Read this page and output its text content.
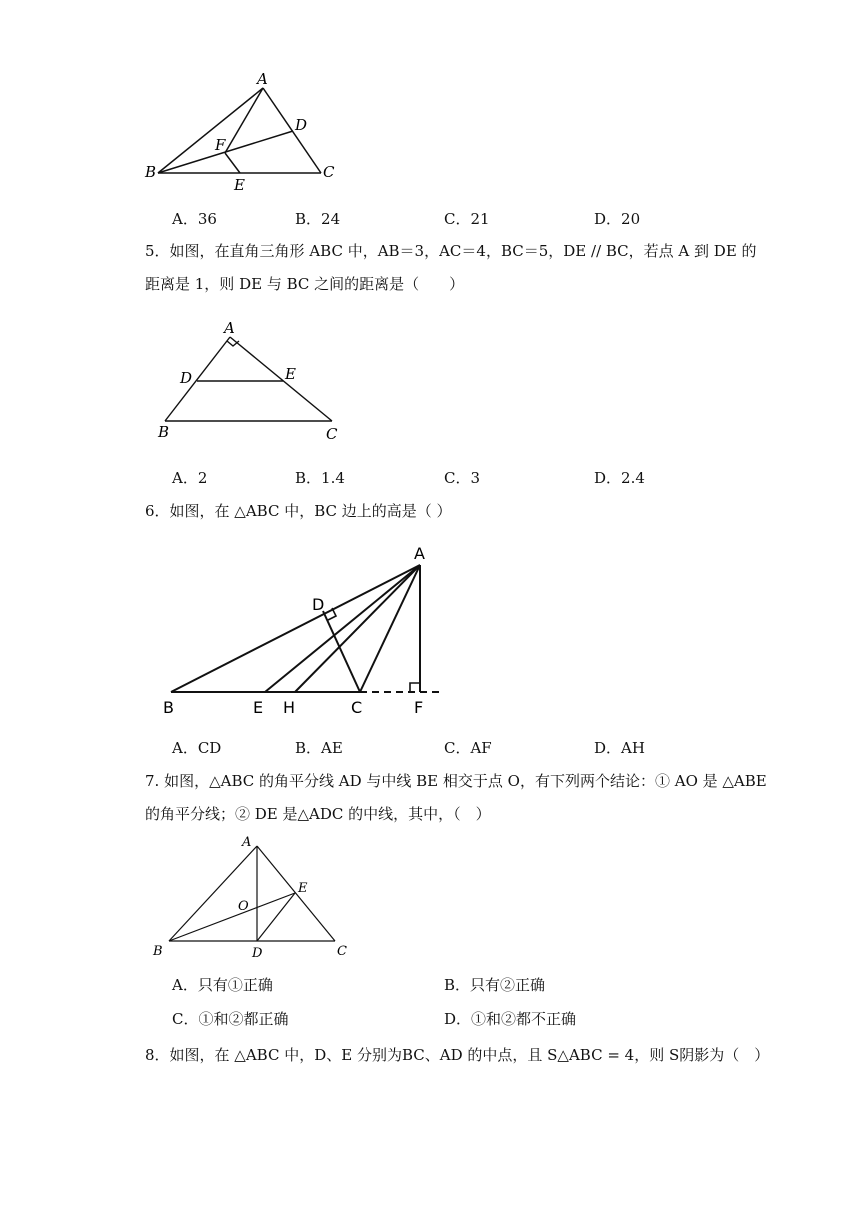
A
B	C
D
E
F
A．36	B．24	C．21	D．20
5．如图，在直角三角形 ABC 中，AB＝3，AC＝4，BC＝5，DE // BC，若点 A 到 DE 的
距离是 1，则 DE 与 BC 之间的距离是（　　）
A
B	C
D	E
A．2	B．1.4	C．3	D．2.4
6．如图，在 △ABC 中，BC 边上的高是（ ）
A
B	C
D
E H	F
A．CD	B．AE	C．AF	D．AH
7. 如图，△ABC 的角平分线 AD 与中线 BE 相交于点 O，有下列两个结论：① AO 是 △ABE
的角平分线；② DE 是△ADC 的中线，其中，（　）
A
B	C
D
E
O
A．只有①正确	B．只有②正确
C．①和②都正确	D．①和②都不正确
8．如图，在 △ABC 中，D、E 分别为BC、AD 的中点，且 S△ABC = 4，则 S阴影为（　）
